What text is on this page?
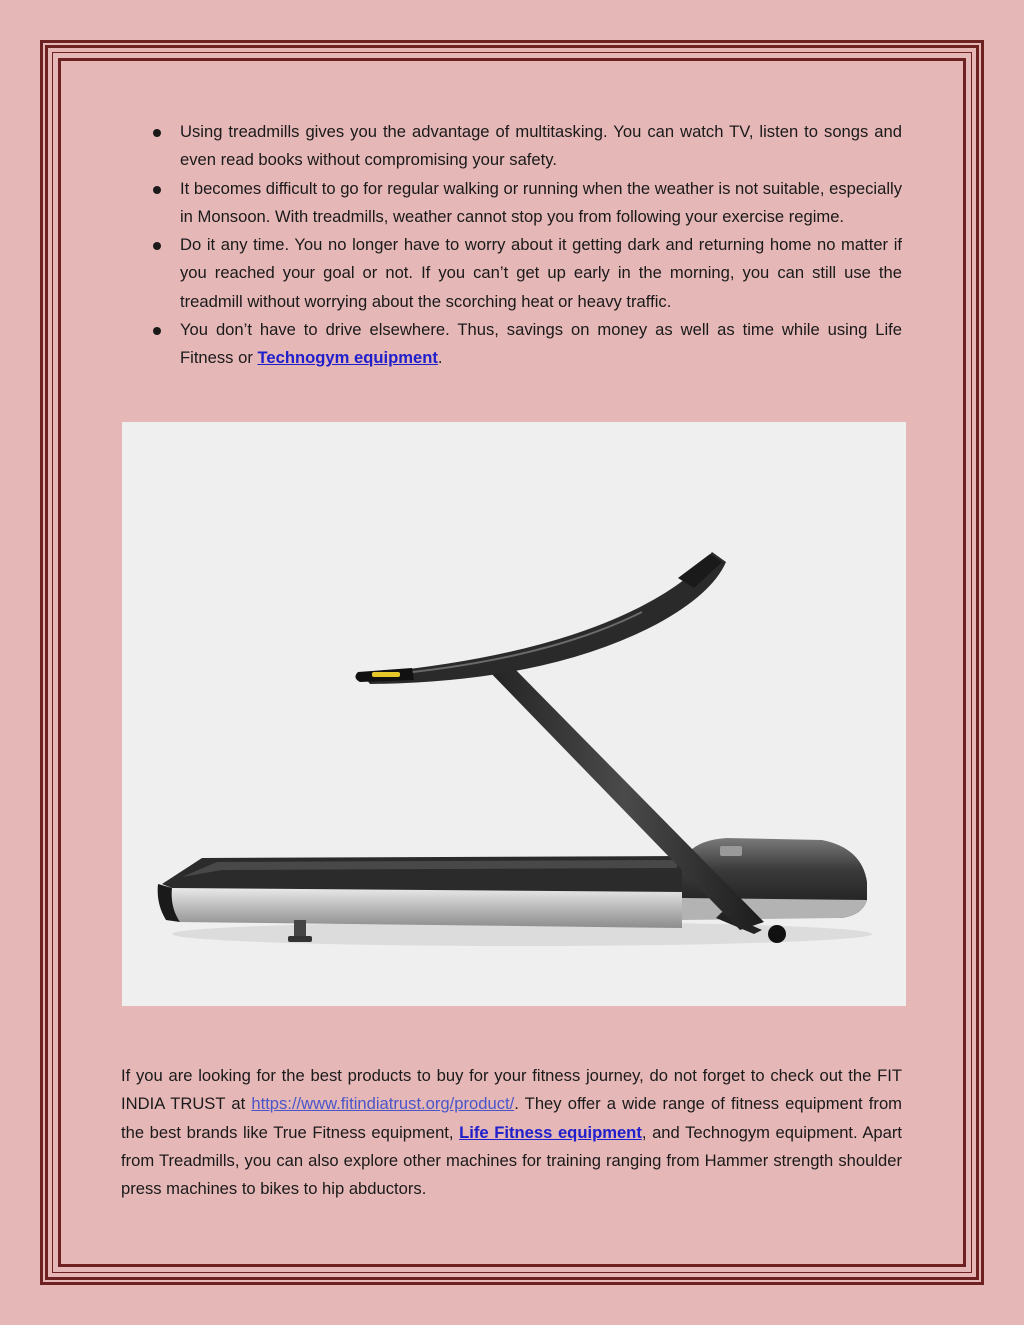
Using treadmills gives you the advantage of multitasking. You can watch TV, listen to songs and even read books without compromising your safety.
It becomes difficult to go for regular walking or running when the weather is not suitable, especially in Monsoon. With treadmills, weather cannot stop you from following your exercise regime.
Do it any time. You no longer have to worry about it getting dark and returning home no matter if you reached your goal or not. If you can’t get up early in the morning, you can still use the treadmill without worrying about the scorching heat or heavy traffic.
You don’t have to drive elsewhere. Thus, savings on money as well as time while using Life Fitness or Technogym equipment.

If you are looking for the best products to buy for your fitness journey, do not forget to check out the FIT INDIA TRUST at https://www.fitindiatrust.org/product/. They offer a wide range of fitness equipment from the best brands like True Fitness equipment, Life Fitness equipment, and Technogym equipment. Apart from Treadmills, you can also explore other machines for training ranging from Hammer strength shoulder press machines to bikes to hip abductors.
